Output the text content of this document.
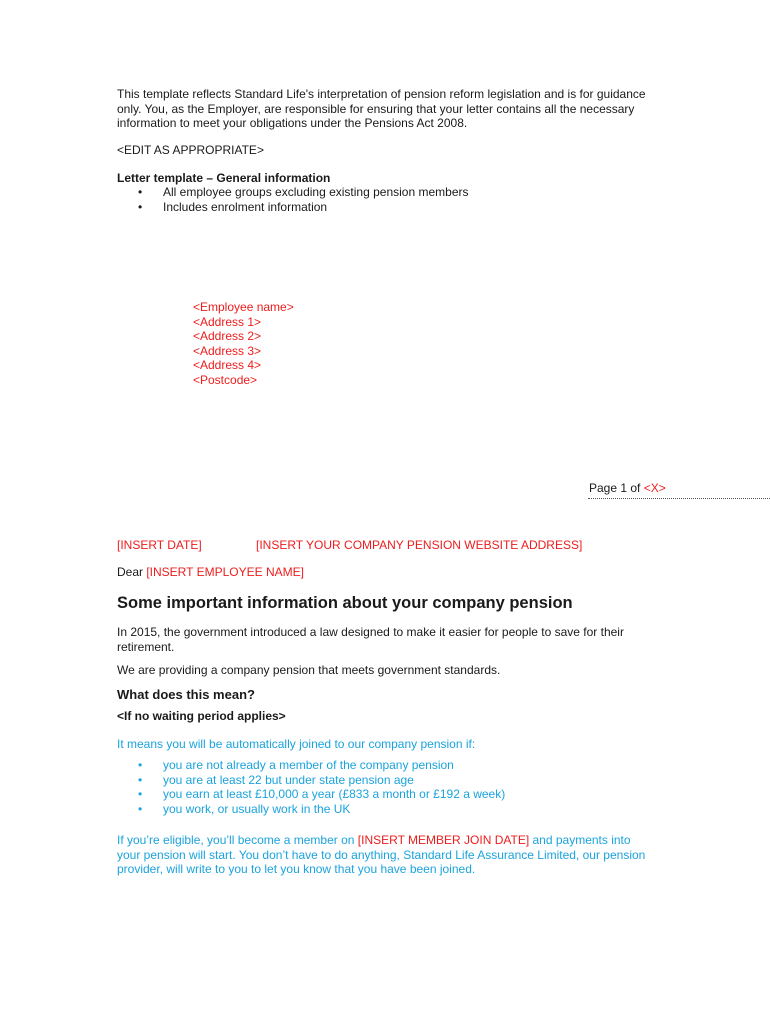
This template reflects Standard Life's interpretation of pension reform legislation and is for guidance only. You, as the Employer, are responsible for ensuring that your letter contains all the necessary information to meet your obligations under the Pensions Act 2008.
<EDIT AS APPROPRIATE>
Letter template – General information
• All employee groups excluding existing pension members
• Includes enrolment information
<Employee name>
<Address 1>
<Address 2>
<Address 3>
<Address 4>
<Postcode>
Page 1 of <X>
[INSERT DATE]	[INSERT YOUR COMPANY PENSION WEBSITE ADDRESS]
Dear [INSERT EMPLOYEE NAME]
Some important information about your company pension
In 2015, the government introduced a law designed to make it easier for people to save for their retirement.
We are providing a company pension that meets government standards.
What does this mean?
<If no waiting period applies>
It means you will be automatically joined to our company pension if:
• you are not already a member of the company pension
• you are at least 22 but under state pension age
• you earn at least £10,000 a year (£833 a month or £192 a week)
• you work, or usually work in the UK
If you’re eligible, you’ll become a member on [INSERT MEMBER JOIN DATE] and payments into your pension will start. You don’t have to do anything, Standard Life Assurance Limited, our pension provider, will write to you to let you know that you have been joined.
